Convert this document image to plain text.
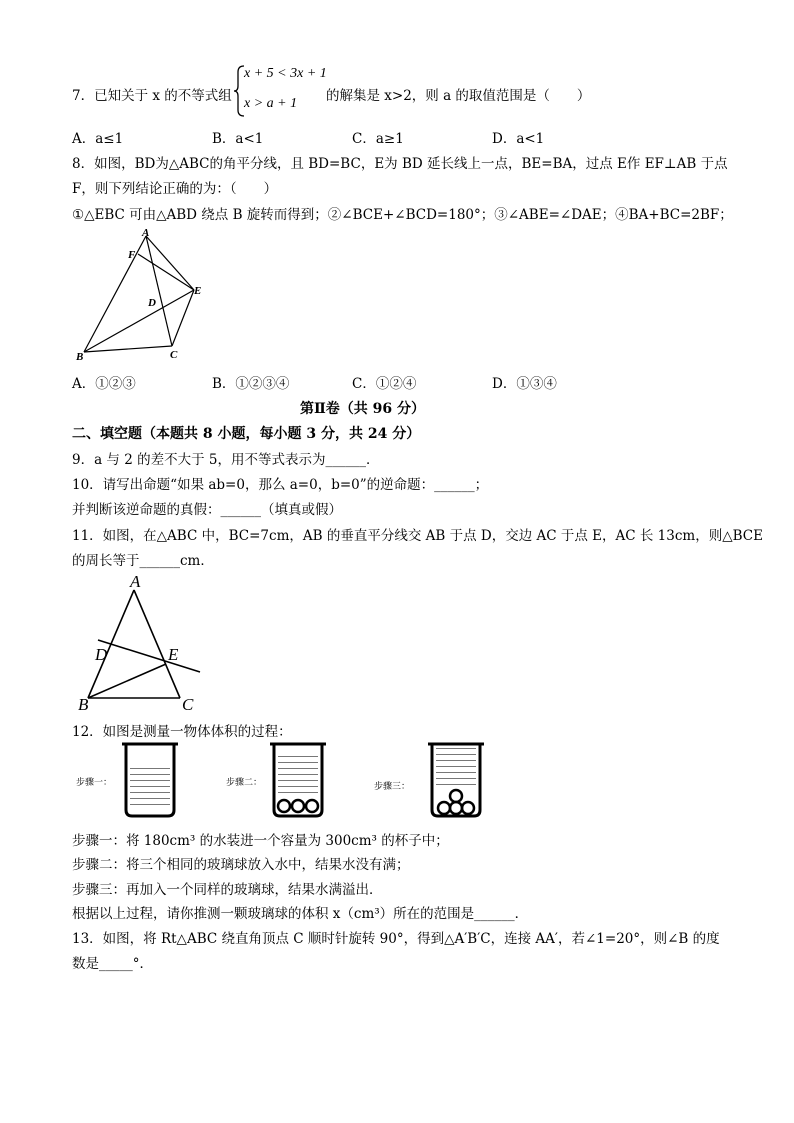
7．已知关于 x 的不等式组
x + 5 < 3x + 1
x > a + 1 的解集是 x>2，则 a 的取值范围是（　　）
A．a≤1	B．a<1	C．a≥1	D．a<1
8．如图，BD为△ABC的角平分线，且 BD=BC，E为 BD 延长线上一点，BE=BA，过点 E作 EF⊥AB 于点
F，则下列结论正确的为：（　　）
①△EBC 可由△ABD 绕点 B 旋转而得到；②∠BCE+∠BCD=180°；③∠ABE=∠DAE；④BA+BC=2BF；
A
F
E
D
B	C
A．①②③	B．①②③④	C．①②④	D．①③④
第Ⅱ卷（共 96 分）
二、填空题（本题共 8 小题，每小题 3 分，共 24 分）
9．a 与 2 的差不大于 5，用不等式表示为______．
10．请写出命题“如果 ab=0，那么 a=0，b=0”的逆命题：______；
并判断该逆命题的真假：______（填真或假）
11．如图，在△ABC 中，BC=7cm，AB 的垂直平分线交 AB 于点 D，交边 AC 于点 E，AC 长 13cm，则△BCE
的周长等于______cm．
A
D	E
B	C
12．如图是测量一物体体积的过程：
步骤一：	步骤二：	步骤三：
步骤一：将 180cm³ 的水装进一个容量为 300cm³ 的杯子中；
步骤二：将三个相同的玻璃球放入水中，结果水没有满；
步骤三：再加入一个同样的玻璃球，结果水满溢出．
根据以上过程，请你推测一颗玻璃球的体积 x（cm³）所在的范围是______．
13．如图，将 Rt△ABC 绕直角顶点 C 顺时针旋转 90°，得到△A′B′C，连接 AA′，若∠1=20°，则∠B 的度
数是_____°．
